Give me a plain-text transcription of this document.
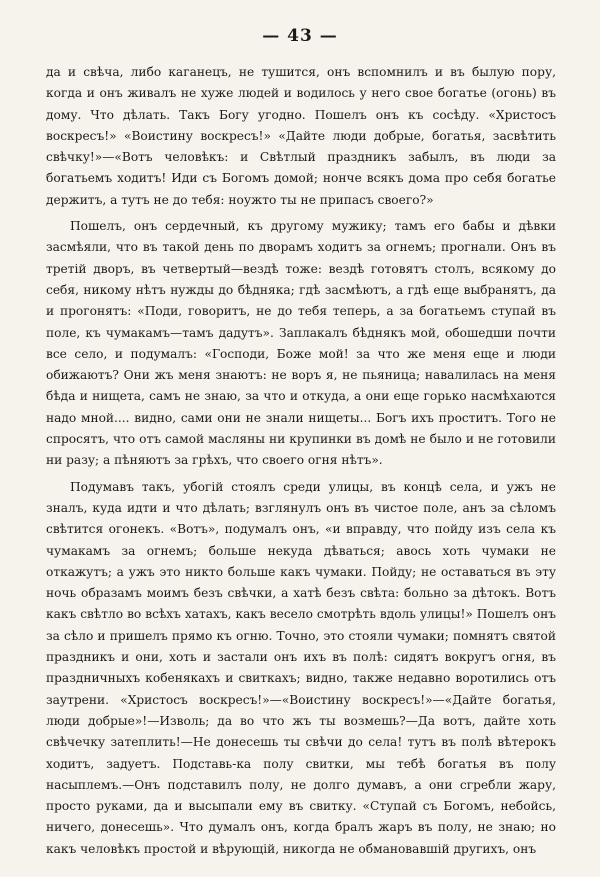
— 43 —

да и свѣча, либо каганецъ, не тушится, онъ вспомнилъ и въ былую пору, когда и онъ живалъ не хуже людей и водилось у него свое богатье (огонь) въ дому. Что дѣлать. Такъ Богу угодно. Пошелъ онъ къ сосѣду. «Христосъ воскресъ!» «Воистину воскресъ!» «Дайте люди добрые, богатья, засвѣтить свѣчку!»—«Вотъ человѣкъ: и Свѣтлый праздникъ забылъ, въ люди за богатьемъ ходитъ! Иди съ Богомъ домой; нонче всякъ дома про себя богатье держитъ, а тутъ не до тебя: ноужто ты не припасъ своего?»

Пошелъ, онъ сердечный, къ другому мужику; тамъ его бабы и дѣвки засмѣяли, что въ такой день по дворамъ ходитъ за огнемъ; прогнали. Онъ въ третій дворъ, въ четвертый—вездѣ тоже: вездѣ готовятъ столъ, всякому до себя, никому нѣтъ нужды до бѣдняка; гдѣ засмѣютъ, а гдѣ еще выбранятъ, да и прогонятъ: «Поди, говоритъ, не до тебя теперь, а за богатьемъ ступай въ поле, къ чумакамъ—тамъ дадутъ». Заплакалъ бѣднякъ мой, обошедши почти все село, и подумалъ: «Господи, Боже мой! за что же меня еще и люди обижаютъ? Они жъ меня знаютъ: не воръ я, не пьяница; навалилась на меня бѣда и нищета, самъ не знаю, за что и откуда, а они еще горько насмѣхаются надо мной.... видно, сами они не знали нищеты... Богъ ихъ проститъ. Того не спросятъ, что отъ самой масляны ни крупинки въ домѣ не было и не готовили ни разу; а пѣняютъ за грѣхъ, что своего огня нѣтъ».

Подумавъ такъ, убогій стоялъ среди улицы, въ концѣ села, и ужъ не зналъ, куда идти и что дѣлать; взглянулъ онъ въ чистое поле, анъ за сѣломъ свѣтится огонекъ. «Вотъ», подумалъ онъ, «и вправду, что пойду изъ села къ чумакамъ за огнемъ; больше некуда дѣваться; авось хоть чумаки не откажутъ; а ужъ это никто больше какъ чумаки. Пойду; не оставаться въ эту ночь образамъ моимъ безъ свѣчки, а хатѣ безъ свѣта: больно за дѣтокъ. Вотъ какъ свѣтло во всѣхъ хатахъ, какъ весело смотрѣть вдоль улицы!» Пошелъ онъ за сѣло и пришелъ прямо къ огню. Точно, это стояли чумаки; помнятъ святой праздникъ и они, хоть и застали онъ ихъ въ полѣ: сидятъ вокругъ огня, въ праздничныхъ кобенякахъ и свиткахъ; видно, также недавно воротились отъ заутрени. «Христосъ воскресъ!»—«Воистину воскресъ!»—«Дайте богатья, люди добрые»!—Изволь; да во что жъ ты возмешь?—Да вотъ, дайте хоть свѣчечку затеплить!—Не донесешь ты свѣчи до села! тутъ въ полѣ вѣтерокъ ходитъ, задуетъ. Подставь-ка полу свитки, мы тебѣ богатья въ полу насыплемъ.—Онъ подставилъ полу, не долго думавъ, а они сгребли жару, просто руками, да и высыпали ему въ свитку. «Ступай съ Богомъ, небойсь, ничего, донесешь». Что думалъ онъ, когда бралъ жаръ въ полу, не знаю; но какъ человѣкъ простой и вѣрующій, никогда не обмановавшій другихъ, онъ
